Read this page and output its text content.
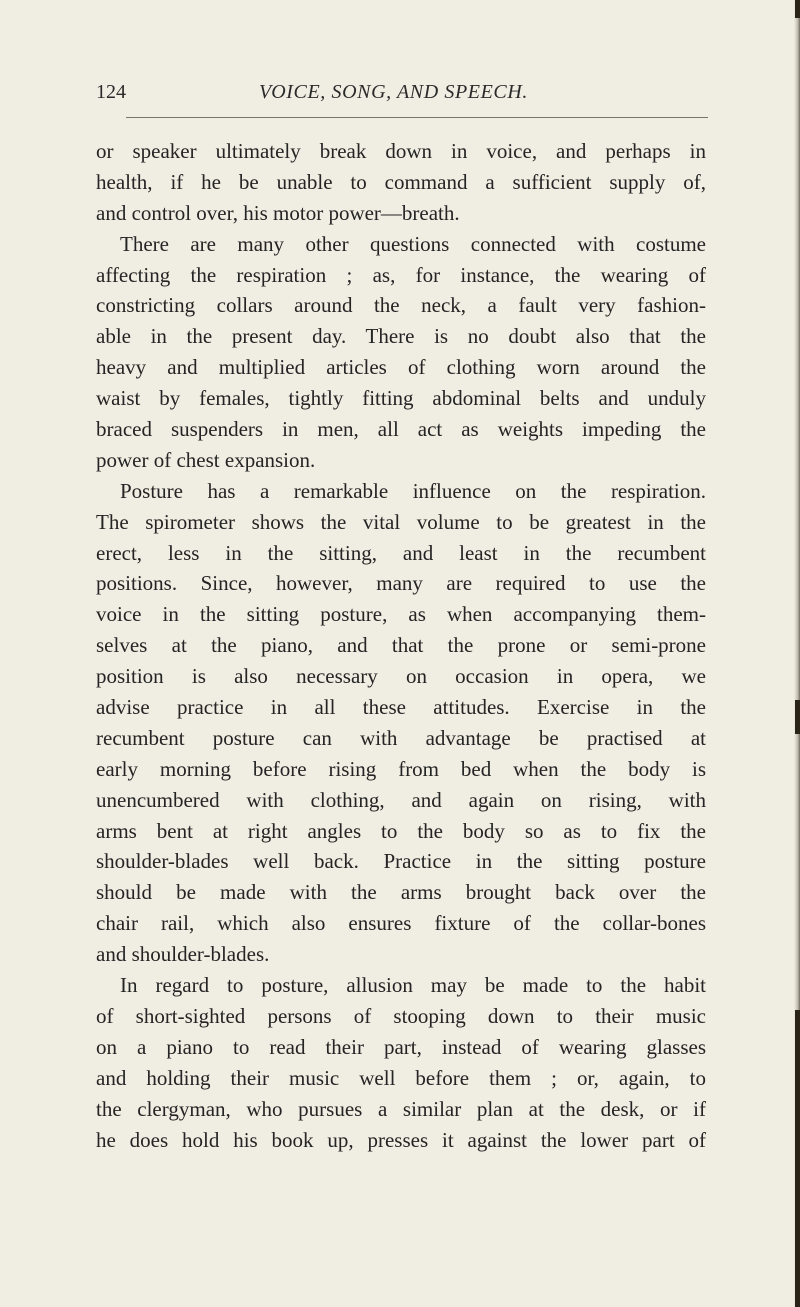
124	VOICE, SONG, AND SPEECH.
or speaker ultimately break down in voice, and perhaps in
health, if he be unable to command a sufficient supply of,
and control over, his motor power—breath.
There are many other questions connected with costume
affecting the respiration ; as, for instance, the wearing of
constricting collars around the neck, a fault very fashion-
able in the present day. There is no doubt also that the
heavy and multiplied articles of clothing worn around the
waist by females, tightly fitting abdominal belts and unduly
braced suspenders in men, all act as weights impeding the
power of chest expansion.
Posture has a remarkable influence on the respiration.
The spirometer shows the vital volume to be greatest in the
erect, less in the sitting, and least in the recumbent
positions. Since, however, many are required to use the
voice in the sitting posture, as when accompanying them-
selves at the piano, and that the prone or semi-prone
position is also necessary on occasion in opera, we
advise practice in all these attitudes. Exercise in the
recumbent posture can with advantage be practised at
early morning before rising from bed when the body is
unencumbered with clothing, and again on rising, with
arms bent at right angles to the body so as to fix the
shoulder-blades well back. Practice in the sitting posture
should be made with the arms brought back over the
chair rail, which also ensures fixture of the collar-bones
and shoulder-blades.
In regard to posture, allusion may be made to the habit
of short-sighted persons of stooping down to their music
on a piano to read their part, instead of wearing glasses
and holding their music well before them ; or, again, to
the clergyman, who pursues a similar plan at the desk, or if
he does hold his book up, presses it against the lower part of
